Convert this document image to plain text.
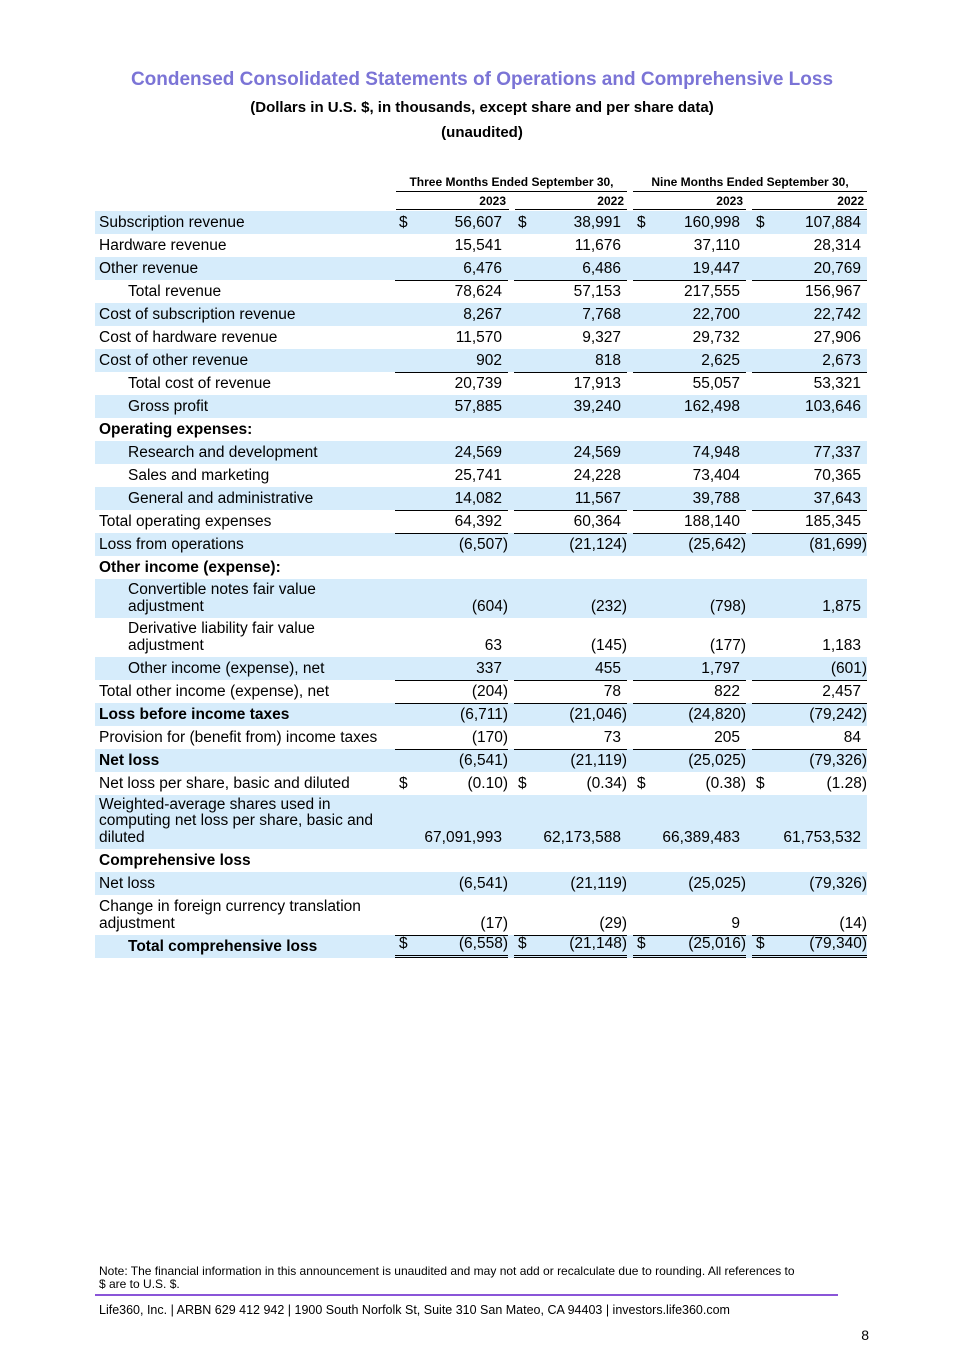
Condensed Consolidated Statements of Operations and Comprehensive Loss
(Dollars in U.S. $, in thousands, except share and per share data)
(unaudited)
Three Months Ended September 30,	Nine Months Ended September 30,
2023	2022	2023	2022
Subscription revenue	$	56,607 $	38,991 $ 160,998 $	107,884
Hardware revenue	15,541	11,676	37,110	28,314
Other revenue	6,476	6,486	19,447	20,769
Total revenue	78,624	57,153	217,555	156,967
Cost of subscription revenue	8,267	7,768	22,700	22,742
Cost of hardware revenue	11,570	9,327	29,732	27,906
Cost of other revenue	902	818	2,625	2,673
Total cost of revenue	20,739	17,913	55,057	53,321
Gross profit	57,885	39,240	162,498	103,646
Operating expenses:
Research and development	24,569	24,569	74,948	77,337
Sales and marketing	25,741	24,228	73,404	70,365
General and administrative	14,082	11,567	39,788	37,643
Total operating expenses	64,392	60,364	188,140	185,345
Loss from operations	(6,507)	(21,124)	(25,642)	(81,699)
Other income (expense):
Convertible notes fair value adjustment	(604)	(232)	(798)	1,875
Derivative liability fair value adjustment	63	(145)	(177)	1,183
Other income (expense), net	337	455	1,797	(601)
Total other income (expense), net	(204)	78	822	2,457
Loss before income taxes	(6,711)	(21,046)	(24,820)	(79,242)
Provision for (benefit from) income taxes	(170)	73	205	84
Net loss	(6,541)	(21,119)	(25,025)	(79,326)
Net loss per share, basic and diluted	$	(0.10) $	(0.34) $	(0.38) $	(1.28)
Weighted-average shares used in computing net loss per share, basic and diluted	67,091,993	62,173,588	66,389,483	61,753,532
Comprehensive loss
Net loss	(6,541)	(21,119)	(25,025)	(79,326)
Change in foreign currency translation adjustment	(17)	(29)	9	(14)
Total comprehensive loss	$	(6,558) $	(21,148) $	(25,016) $	(79,340)
Note: The financial information in this announcement is unaudited and may not add or recalculate due to rounding. All references to $ are to U.S. $.
Life360, Inc. | ARBN 629 412 942 | 1900 South Norfolk St, Suite 310 San Mateo, CA 94403 | investors.life360.com
8
